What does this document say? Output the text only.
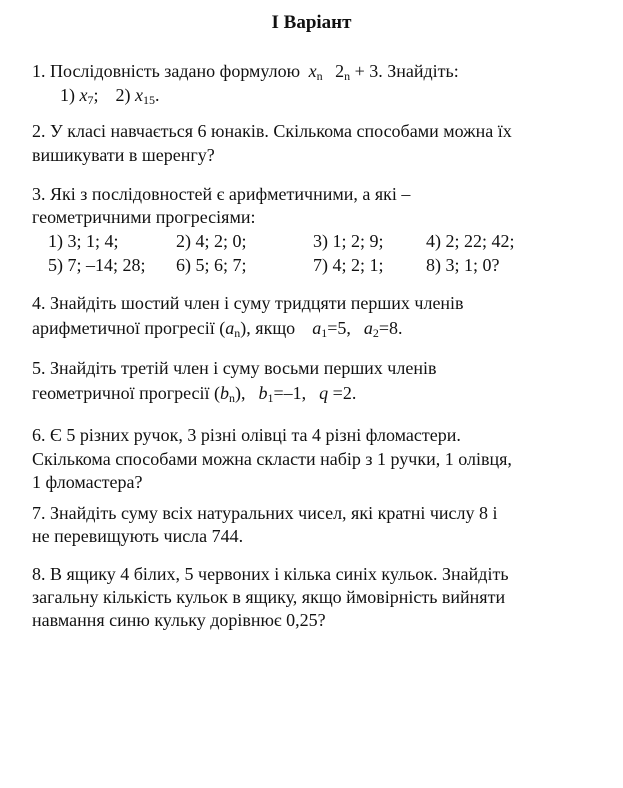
I Варіант
1. Послідовність задано формулою $x_n$ $2_n + 3$. Знайдіть:
1) $x_7$; 2) $x_{15}$.
2. У класі навчається 6 юнаків. Скількома способами можна їх
вишикувати в шеренгу?
3. Які з послідовностей є арифметичними, а які –
геометричними прогресіями:
1) 3; 1; 4;	2) 4; 2; 0;	3) 1; 2; 9; 4) 2; 22; 42;
5) 7; –14; 28; 6) 5; 6; 7;	7) 4; 2; 1; 8) 3; 1; 0?
4. Знайдіть шостий член і суму тридцяти перших членів
арифметичної прогресії $(a_n)$, якщо $a_1=5$, $a_2=8$.
5. Знайдіть третій член і суму восьми перших членів
геометричної прогресії $(b_n)$, $b_1=-1$, q =2.
6. Є 5 різних ручок, 3 різні олівці та 4 різні фломастери.
Скількома способами можна скласти набір з 1 ручки, 1 олівця,
1 фломастера?
7. Знайдіть суму всіх натуральних чисел, які кратні числу 8 і
не перевищують числа 744.
8. В ящику 4 білих, 5 червоних і кілька синіх кульок. Знайдіть
загальну кількість кульок в ящику, якщо ймовірність вийняти
навмання синю кульку дорівнює 0,25?
